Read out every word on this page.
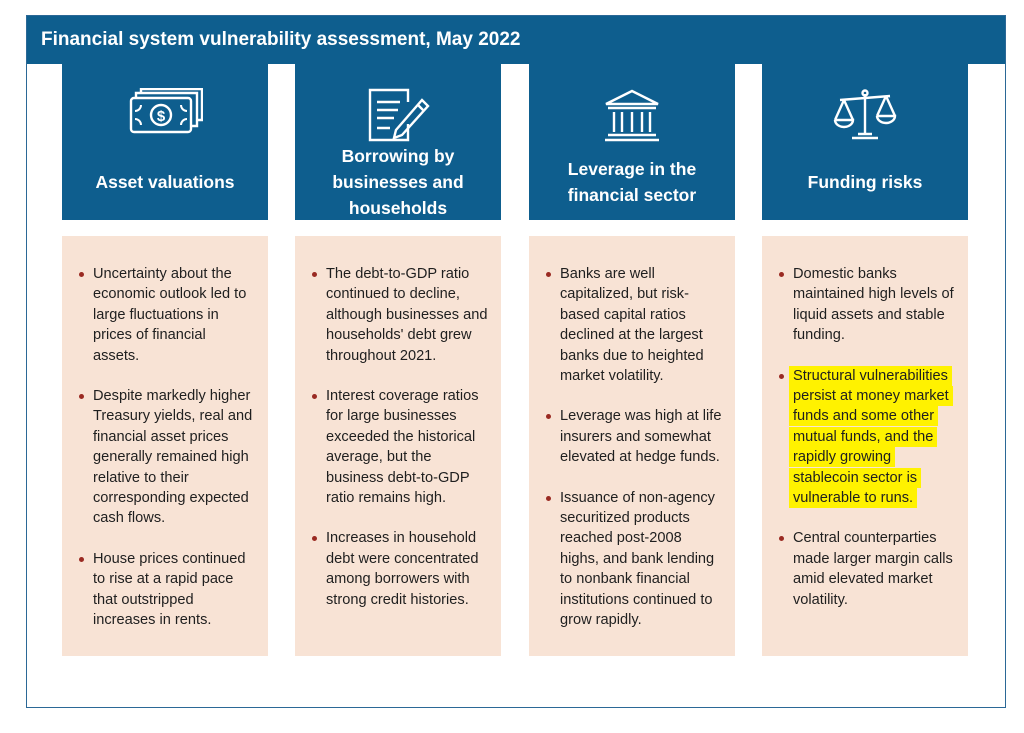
Financial system vulnerability assessment, May 2022
$
Asset valuations
Uncertainty about the economic outlook led to large fluctuations in prices of financial assets.
Despite markedly higher Treasury yields, real and financial asset prices generally remained high relative to their corresponding expected cash flows.
House prices continued to rise at a rapid pace that outstripped increases in rents.
Borrowing by businesses and households
The debt-to-GDP ratio continued to decline, although businesses and households' debt grew throughout 2021.
Interest coverage ratios for large businesses exceeded the historical average, but the business debt-to-GDP ratio remains high.
Increases in household debt were concentrated among borrowers with strong credit histories.
Leverage in the financial sector
Banks are well capitalized, but risk-based capital ratios declined at the largest banks due to heighted market volatility.
Leverage was high at life insurers and somewhat elevated at hedge funds.
Issuance of non-agency securitized products reached post-2008 highs, and bank lending to nonbank financial institutions continued to grow rapidly.
Funding risks
Domestic banks maintained high levels of liquid assets and stable funding.
Structural vulnerabilities persist at money market funds and some other mutual funds, and the rapidly growing stablecoin sector is vulnerable to runs.
Central counterparties made larger margin calls amid elevated market volatility.
